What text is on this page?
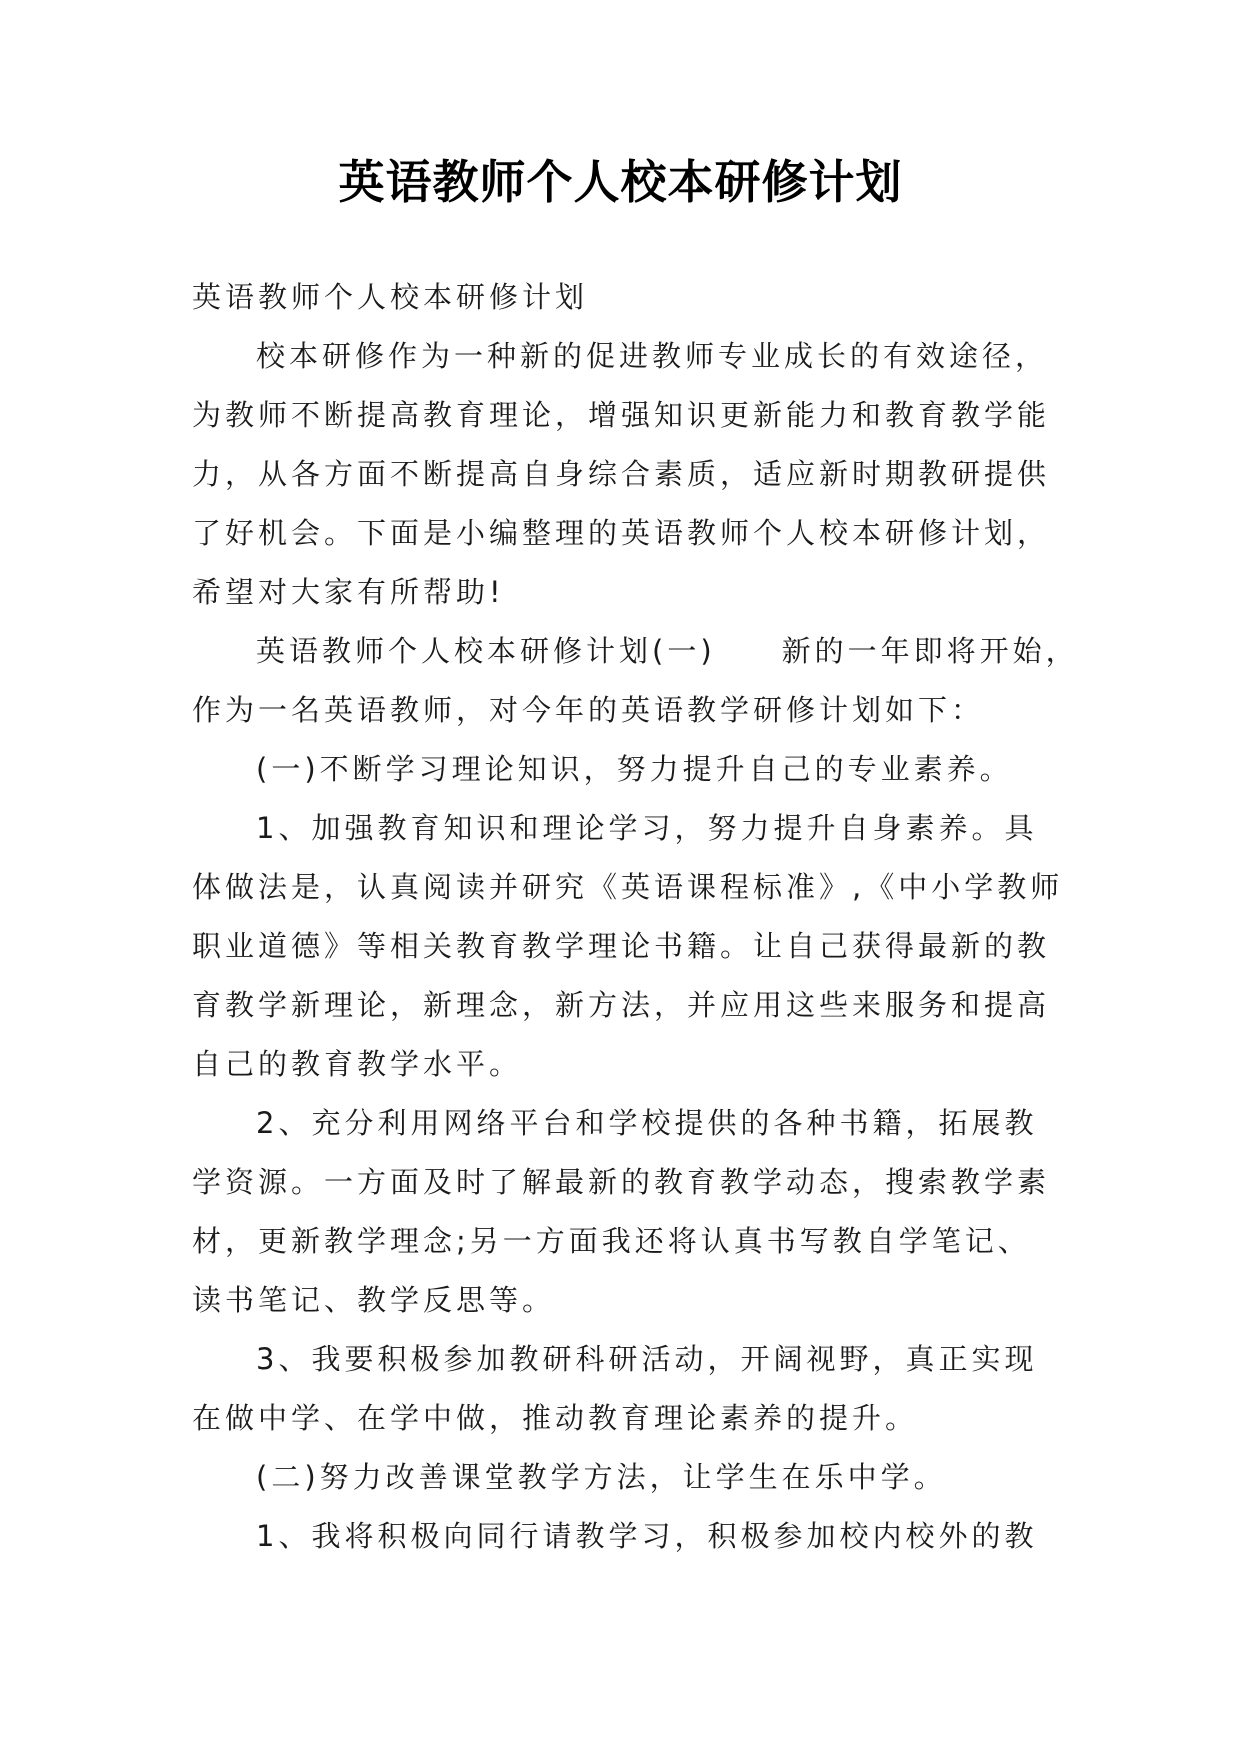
英语教师个人校本研修计划
英语教师个人校本研修计划
校本研修作为一种新的促进教师专业成长的有效途径，
为教师不断提高教育理论，增强知识更新能力和教育教学能
力，从各方面不断提高自身综合素质，适应新时期教研提供
了好机会。下面是小编整理的英语教师个人校本研修计划，
希望对大家有所帮助!
英语教师个人校本研修计划(一)　　新的一年即将开始，
作为一名英语教师，对今年的英语教学研修计划如下：
(一)不断学习理论知识，努力提升自己的专业素养。
1、加强教育知识和理论学习，努力提升自身素养。具
体做法是，认真阅读并研究《英语课程标准》,《中小学教师
职业道德》等相关教育教学理论书籍。让自己获得最新的教
育教学新理论，新理念，新方法，并应用这些来服务和提高
自己的教育教学水平。
2、充分利用网络平台和学校提供的各种书籍，拓展教
学资源。一方面及时了解最新的教育教学动态，搜索教学素
材，更新教学理念;另一方面我还将认真书写教自学笔记、
读书笔记、教学反思等。
3、我要积极参加教研科研活动，开阔视野，真正实现
在做中学、在学中做，推动教育理论素养的提升。
(二)努力改善课堂教学方法，让学生在乐中学。
1、我将积极向同行请教学习，积极参加校内校外的教
